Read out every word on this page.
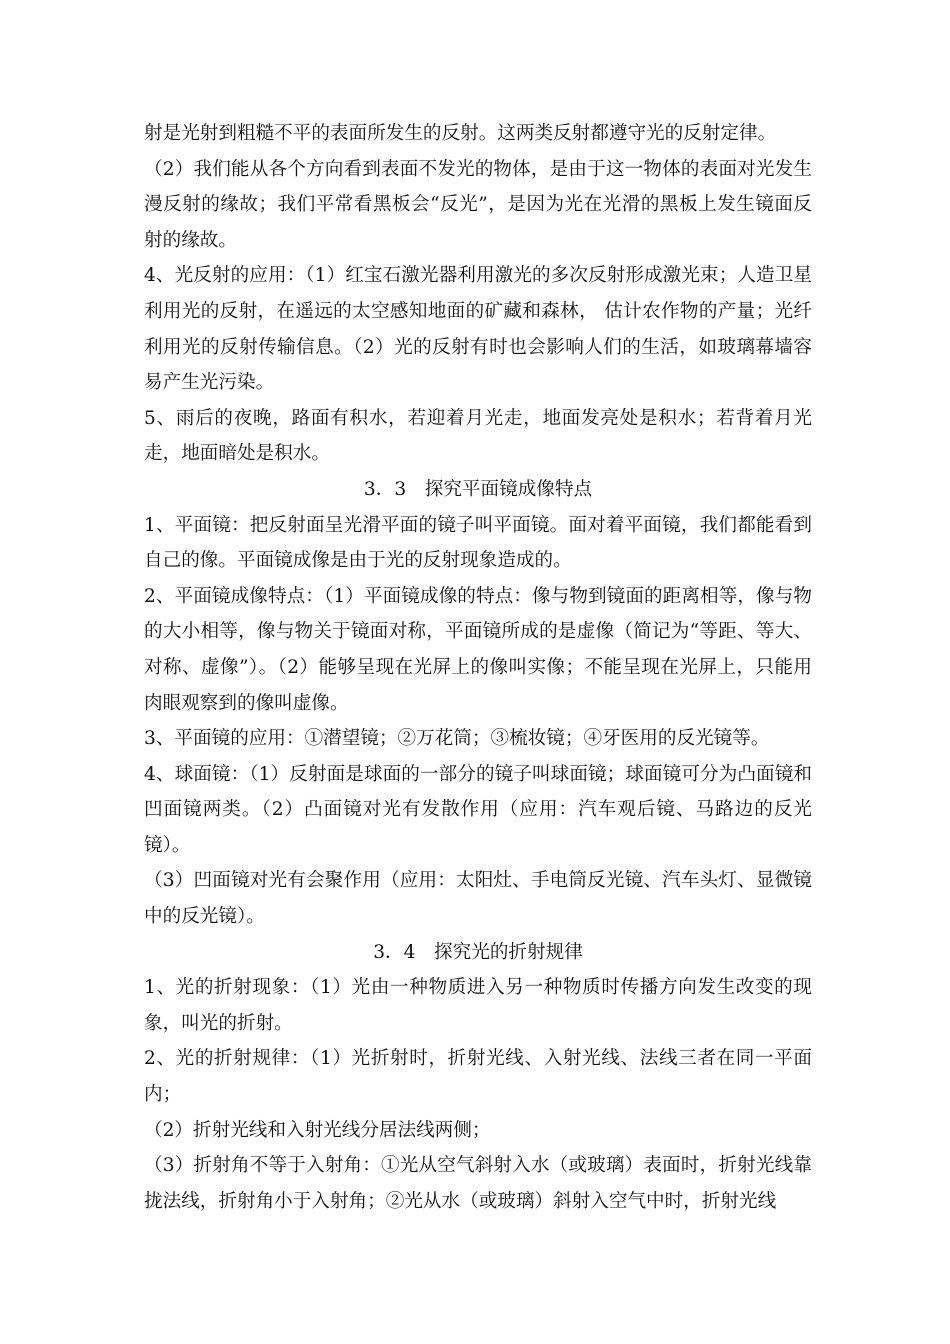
射是光射到粗糙不平的表面所发生的反射。这两类反射都遵守光的反射定律。

（2）我们能从各个方向看到表面不发光的物体，是由于这一物体的表面对光发生漫反射的缘故；我们平常看黑板会“反光”，是因为光在光滑的黑板上发生镜面反射的缘故。

4、光反射的应用：（1）红宝石激光器利用激光的多次反射形成激光束；人造卫星利用光的反射，在遥远的太空感知地面的矿藏和森林， 估计农作物的产量；光纤利用光的反射传输信息。（2）光的反射有时也会影响人们的生活，如玻璃幕墙容易产生光污染。

5、雨后的夜晚，路面有积水，若迎着月光走，地面发亮处是积水；若背着月光走，地面暗处是积水。

3．3　探究平面镜成像特点

1、平面镜：把反射面呈光滑平面的镜子叫平面镜。面对着平面镜，我们都能看到自己的像。平面镜成像是由于光的反射现象造成的。

2、平面镜成像特点：（1）平面镜成像的特点：像与物到镜面的距离相等，像与物的大小相等，像与物关于镜面对称，平面镜所成的是虚像（简记为“等距、等大、对称、虚像”）。（2）能够呈现在光屏上的像叫实像；不能呈现在光屏上，只能用肉眼观察到的像叫虚像。

3、平面镜的应用：①潜望镜；②万花筒；③梳妆镜；④牙医用的反光镜等。

4、球面镜：（1）反射面是球面的一部分的镜子叫球面镜；球面镜可分为凸面镜和凹面镜两类。（2）凸面镜对光有发散作用（应用：汽车观后镜、马路边的反光镜）。

（3）凹面镜对光有会聚作用（应用：太阳灶、手电筒反光镜、汽车头灯、显微镜中的反光镜）。

3．4　探究光的折射规律

1、光的折射现象：（1）光由一种物质进入另一种物质时传播方向发生改变的现象，叫光的折射。

2、光的折射规律：（1）光折射时，折射光线、入射光线、法线三者在同一平面内；

（2）折射光线和入射光线分居法线两侧；

（3）折射角不等于入射角：①光从空气斜射入水（或玻璃）表面时，折射光线靠拢法线，折射角小于入射角；②光从水（或玻璃）斜射入空气中时，折射光线
